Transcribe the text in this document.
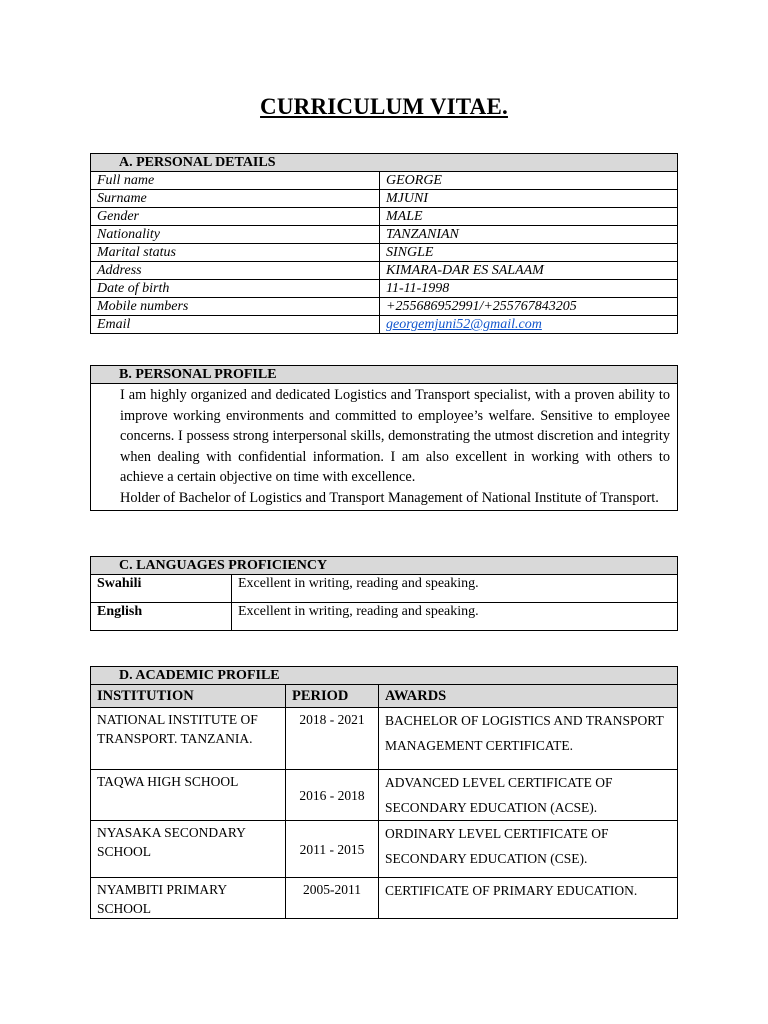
CURRICULUM VITAE.
A. PERSONAL DETAILS	
Full name	GEORGE
Surname	MJUNI
Gender	MALE
Nationality	TANZANIAN
Marital status	SINGLE
Address	KIMARA-DAR ES SALAAM
Date of birth	11-11-1998
Mobile numbers	+255686952991/+255767843205
Email	georgemjuni52@gmail.com
B. PERSONAL PROFILE

I am highly organized and dedicated Logistics and Transport specialist, with a proven ability to improve working environments and committed to employee’s welfare. Sensitive to employee concerns. I possess strong interpersonal skills, demonstrating the utmost discretion and integrity when dealing with confidential information. I am also excellent in working with others to achieve a certain objective on time with excellence.

Holder of Bachelor of Logistics and Transport Management of National Institute of Transport.

C. LANGUAGES PROFICIENCY	
Swahili	Excellent in writing, reading and speaking.
English	Excellent in writing, reading and speaking.
D. ACADEMIC PROFILE		
INSTITUTION	PERIOD	AWARDS
NATIONAL INSTITUTE OF TRANSPORT. TANZANIA.	2018 - 2021	BACHELOR OF LOGISTICS AND TRANSPORT MANAGEMENT CERTIFICATE.
TAQWA HIGH SCHOOL	2016 - 2018	ADVANCED LEVEL CERTIFICATE OF SECONDARY EDUCATION (ACSE).
NYASAKA SECONDARY SCHOOL	2011 - 2015	ORDINARY LEVEL CERTIFICATE OF SECONDARY EDUCATION (CSE).
NYAMBITI PRIMARY SCHOOL	2005-2011	CERTIFICATE OF PRIMARY EDUCATION.
